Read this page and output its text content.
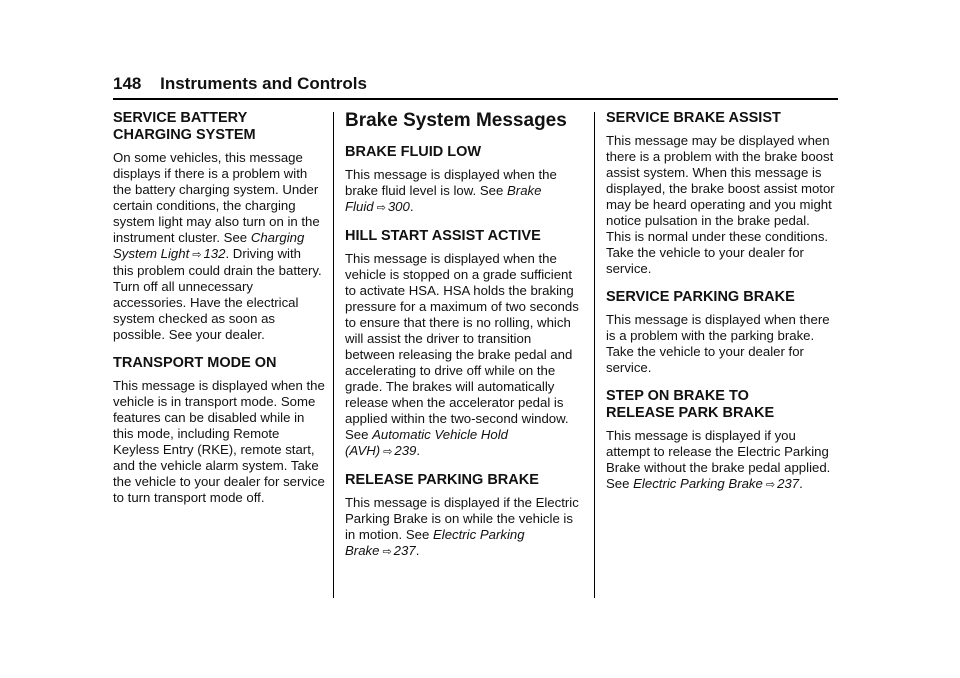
148 Instruments and Controls
SERVICE BATTERY
CHARGING SYSTEM

On some vehicles, this message displays if there is a problem with the battery charging system. Under certain conditions, the charging system light may also turn on in the instrument cluster. See Charging System Light ⇨ 132. Driving with this problem could drain the battery. Turn off all unnecessary accessories. Have the electrical system checked as soon as possible. See your dealer.

TRANSPORT MODE ON

This message is displayed when the vehicle is in transport mode. Some features can be disabled while in this mode, including Remote Keyless Entry (RKE), remote start, and the vehicle alarm system. Take the vehicle to your dealer for service to turn transport mode off.

Brake System Messages
BRAKE FLUID LOW

This message is displayed when the brake fluid level is low. See Brake Fluid ⇨ 300.

HILL START ASSIST ACTIVE

This message is displayed when the vehicle is stopped on a grade sufficient to activate HSA. HSA holds the braking pressure for a maximum of two seconds to ensure that there is no rolling, which will assist the driver to transition between releasing the brake pedal and accelerating to drive off while on the grade. The brakes will automatically release when the accelerator pedal is applied within the two-second window. See Automatic Vehicle Hold (AVH) ⇨ 239.

RELEASE PARKING BRAKE

This message is displayed if the Electric Parking Brake is on while the vehicle is in motion. See Electric Parking Brake ⇨ 237.

SERVICE BRAKE ASSIST

This message may be displayed when there is a problem with the brake boost assist system. When this message is displayed, the brake boost assist motor may be heard operating and you might notice pulsation in the brake pedal. This is normal under these conditions. Take the vehicle to your dealer for service.

SERVICE PARKING BRAKE

This message is displayed when there is a problem with the parking brake. Take the vehicle to your dealer for service.

STEP ON BRAKE TO
RELEASE PARK BRAKE

This message is displayed if you attempt to release the Electric Parking Brake without the brake pedal applied. See Electric Parking Brake ⇨ 237.
